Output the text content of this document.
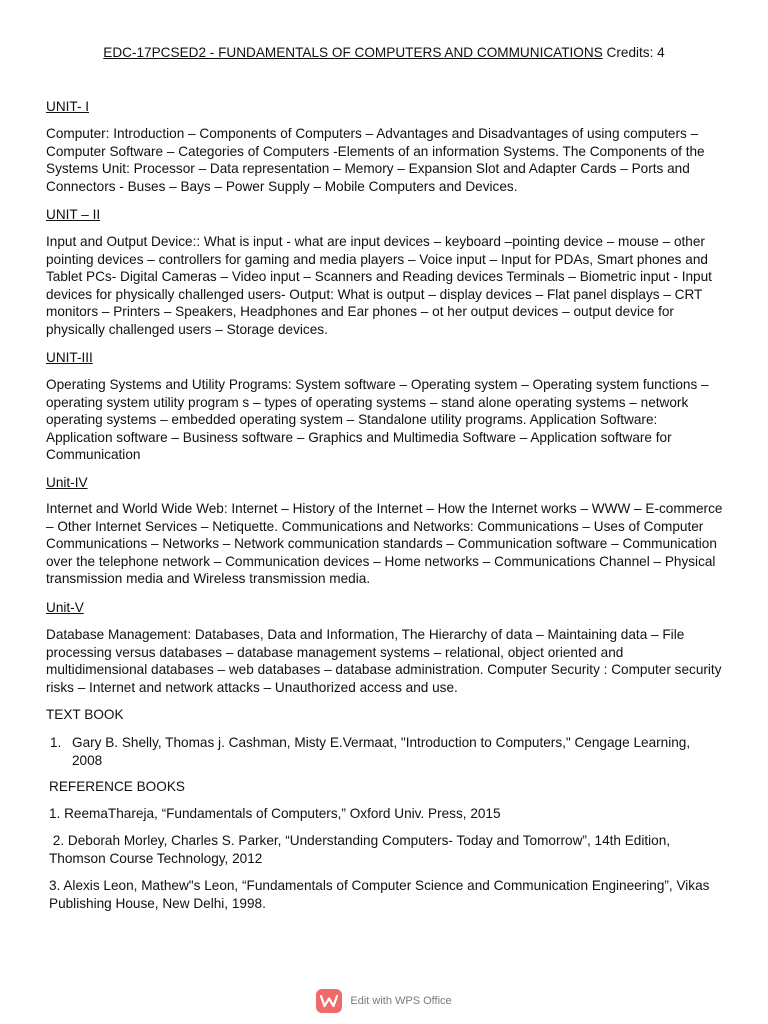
EDC-17PCSED2 - FUNDAMENTALS OF COMPUTERS AND COMMUNICATIONS Credits: 4
UNIT- I
Computer: Introduction – Components of Computers – Advantages and Disadvantages of using computers – Computer Software – Categories of Computers -Elements of an information Systems. The Components of the Systems Unit: Processor – Data representation – Memory – Expansion Slot and Adapter Cards – Ports and Connectors - Buses – Bays – Power Supply – Mobile Computers and Devices.
UNIT – II
Input and Output Device:: What is input - what are input devices – keyboard –pointing device – mouse – other pointing devices – controllers for gaming and media players – Voice input – Input for PDAs, Smart phones and Tablet PCs- Digital Cameras – Video input – Scanners and Reading devices Terminals – Biometric input - Input devices for physically challenged users- Output: What is output – display devices – Flat panel displays – CRT monitors – Printers – Speakers, Headphones and Ear phones – ot her output devices – output device for physically challenged users – Storage devices.
UNIT-III
Operating Systems and Utility Programs: System software – Operating system – Operating system functions – operating system utility program s – types of operating systems – stand alone operating systems – network operating systems – embedded operating system – Standalone utility programs. Application Software: Application software – Business software – Graphics and Multimedia Software – Application software for Communication
Unit-IV
Internet and World Wide Web: Internet – History of the Internet – How the Internet works – WWW – E-commerce – Other Internet Services – Netiquette. Communications and Networks: Communications – Uses of Computer Communications – Networks – Network communication standards – Communication software – Communication over the telephone network – Communication devices – Home networks – Communications Channel – Physical transmission media and Wireless transmission media.
Unit-V
Database Management: Databases, Data and Information, The Hierarchy of data – Maintaining data – File processing versus databases – database management systems – relational, object oriented and multidimensional databases – web databases – database administration. Computer Security : Computer security risks – Internet and network attacks – Unauthorized access and use.
TEXT BOOK
1. Gary B. Shelly, Thomas j. Cashman, Misty E.Vermaat, "Introduction to Computers," Cengage Learning, 2008
REFERENCE BOOKS
1. ReemaThareja, “Fundamentals of Computers,” Oxford Univ. Press, 2015
2. Deborah Morley, Charles S. Parker, “Understanding Computers- Today and Tomorrow”, 14th Edition, Thomson Course Technology, 2012
3. Alexis Leon, Mathew"s Leon, “Fundamentals of Computer Science and Communication Engineering”, Vikas Publishing House, New Delhi, 1998.
Edit with WPS Office
